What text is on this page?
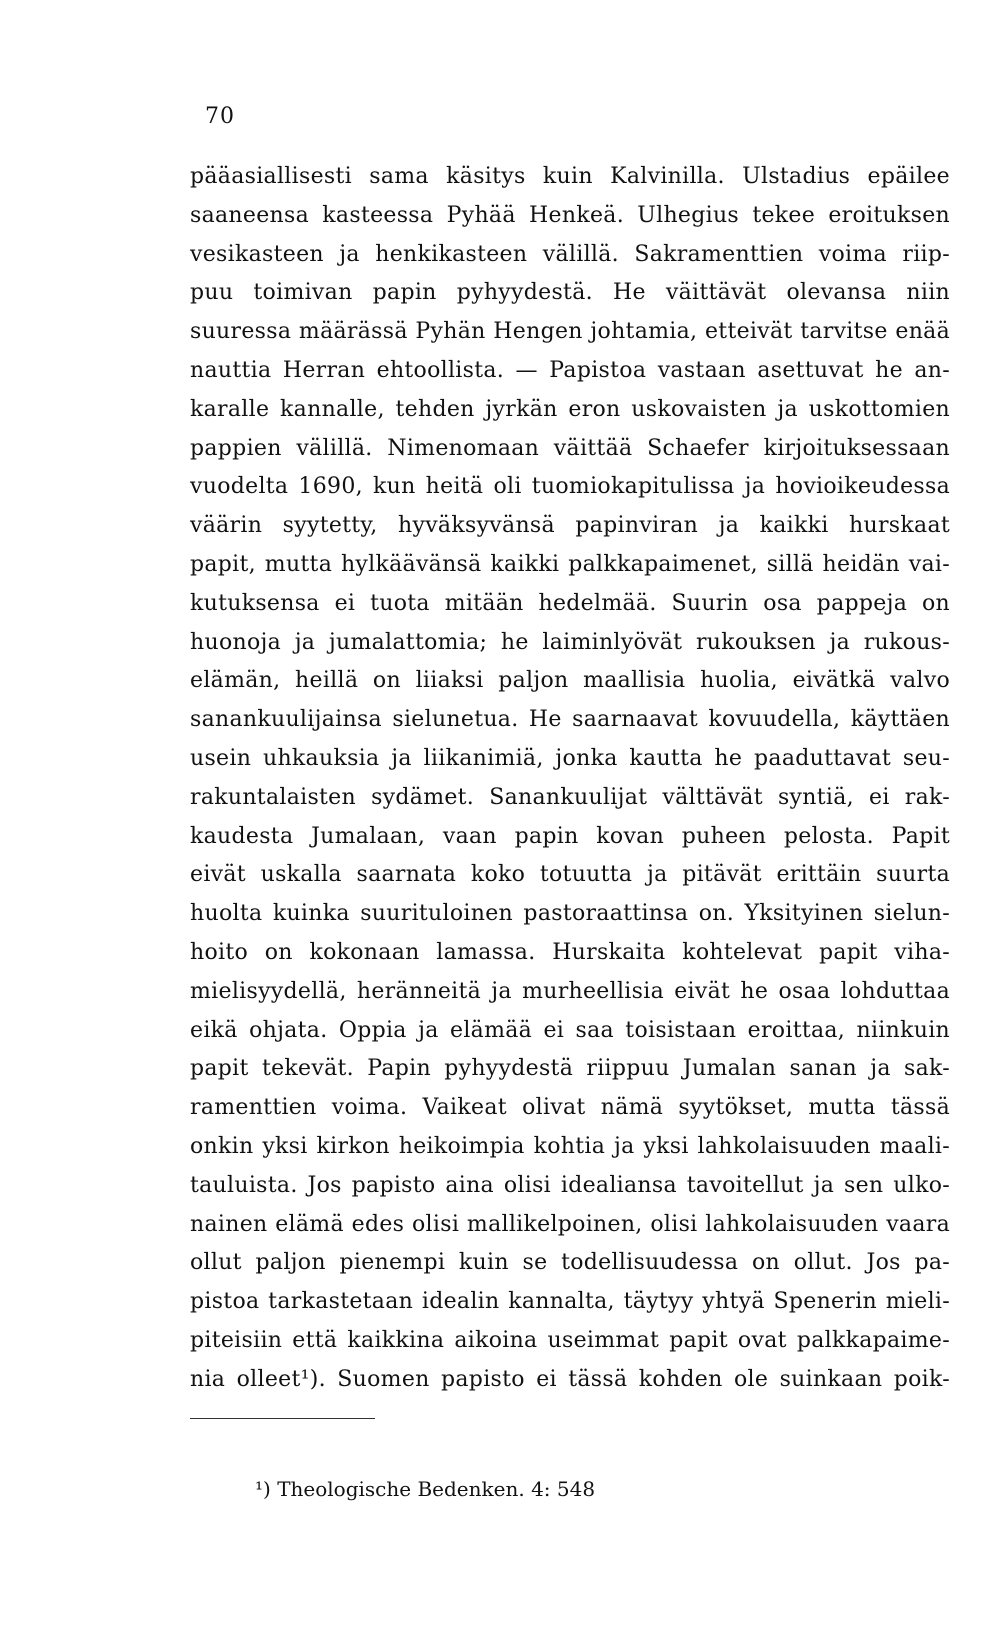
70
pääasiallisesti sama käsitys kuin Kalvinilla. Ulstadius epäilee
saaneensa kasteessa Pyhää Henkeä. Ulhegius tekee eroituksen
vesikasteen ja henkikasteen välillä. Sakramenttien voima riip-
puu toimivan papin pyhyydestä. He väittävät olevansa niin
suuressa määrässä Pyhän Hengen johtamia, etteivät tarvitse enää
nauttia Herran ehtoollista. — Papistoa vastaan asettuvat he an-
karalle kannalle, tehden jyrkän eron uskovaisten ja uskottomien
pappien välillä. Nimenomaan väittää Schaefer kirjoituksessaan
vuodelta 1690, kun heitä oli tuomiokapitulissa ja hovioikeudessa
väärin syytetty, hyväksyvänsä papinviran ja kaikki hurskaat
papit, mutta hylkäävänsä kaikki palkkapaimenet, sillä heidän vai-
kutuksensa ei tuota mitään hedelmää. Suurin osa pappeja on
huonoja ja jumalattomia; he laiminlyövät rukouksen ja rukous-
elämän, heillä on liiaksi paljon maallisia huolia, eivätkä valvo
sanankuulijainsa sielunetua. He saarnaavat kovuudella, käyttäen
usein uhkauksia ja liikanimiä, jonka kautta he paaduttavat seu-
rakuntalaisten sydämet. Sanankuulijat välttävät syntiä, ei rak-
kaudesta Jumalaan, vaan papin kovan puheen pelosta. Papit
eivät uskalla saarnata koko totuutta ja pitävät erittäin suurta
huolta kuinka suurituloinen pastoraattinsa on. Yksityinen sielun-
hoito on kokonaan lamassa. Hurskaita kohtelevat papit viha-
mielisyydellä, heränneitä ja murheellisia eivät he osaa lohduttaa
eikä ohjata. Oppia ja elämää ei saa toisistaan eroittaa, niinkuin
papit tekevät. Papin pyhyydestä riippuu Jumalan sanan ja sak-
ramenttien voima. Vaikeat olivat nämä syytökset, mutta tässä
onkin yksi kirkon heikoimpia kohtia ja yksi lahkolaisuuden maali-
tauluista. Jos papisto aina olisi idealiansa tavoitellut ja sen ulko-
nainen elämä edes olisi mallikelpoinen, olisi lahkolaisuuden vaara
ollut paljon pienempi kuin se todellisuudessa on ollut. Jos pa-
pistoa tarkastetaan idealin kannalta, täytyy yhtyä Spenerin mieli-
piteisiin että kaikkina aikoina useimmat papit ovat palkkapaime-
nia olleet¹). Suomen papisto ei tässä kohden ole suinkaan poik-
¹) Theologische Bedenken. 4: 548
